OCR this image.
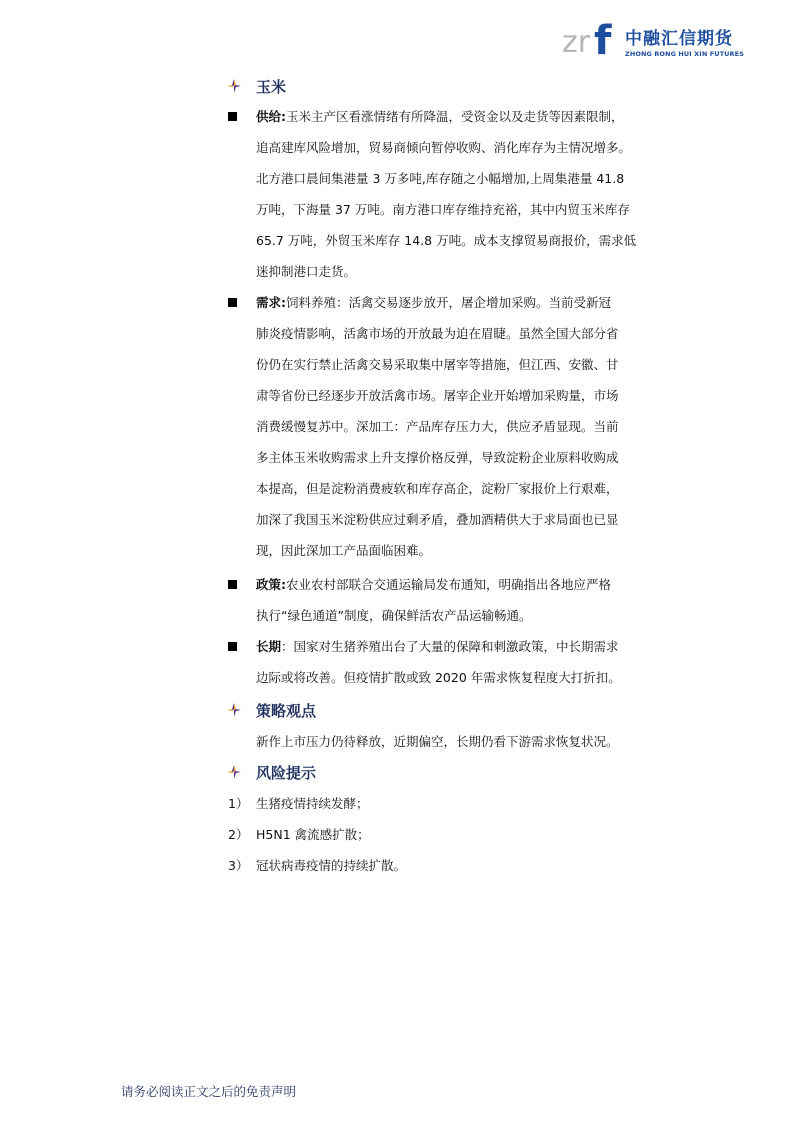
zr f 中融汇信期货
ZHONG RONG HUI XIN FUTURES
玉米
供给:玉米主产区看涨情绪有所降温，受资金以及走货等因素限制，
追高建库风险增加，贸易商倾向暂停收购、消化库存为主情况增多。
北方港口晨间集港量 3 万多吨,库存随之小幅增加,上周集港量 41.8
万吨，下海量 37 万吨。南方港口库存维持充裕，其中内贸玉米库存
65.7 万吨，外贸玉米库存 14.8 万吨。成本支撑贸易商报价，需求低
迷抑制港口走货。
需求:饲料养殖：活禽交易逐步放开，屠企增加采购。当前受新冠
肺炎疫情影响，活禽市场的开放最为迫在眉睫。虽然全国大部分省
份仍在实行禁止活禽交易采取集中屠宰等措施，但江西、安徽、甘
肃等省份已经逐步开放活禽市场。屠宰企业开始增加采购量，市场
消费缓慢复苏中。深加工：产品库存压力大，供应矛盾显现。当前
多主体玉米收购需求上升支撑价格反弹，导致淀粉企业原料收购成
本提高，但是淀粉消费疲软和库存高企，淀粉厂家报价上行艰难，
加深了我国玉米淀粉供应过剩矛盾，叠加酒精供大于求局面也已显
现，因此深加工产品面临困难。
政策:农业农村部联合交通运输局发布通知，明确指出各地应严格
执行“绿色通道”制度，确保鲜活农产品运输畅通。
长期：国家对生猪养殖出台了大量的保障和刺激政策，中长期需求
边际或将改善。但疫情扩散或致 2020 年需求恢复程度大打折扣。
策略观点
新作上市压力仍待释放，近期偏空，长期仍看下游需求恢复状况。
风险提示
1） 生猪疫情持续发酵；
2） H5N1 禽流感扩散；
3） 冠状病毒疫情的持续扩散。
请务必阅读正文之后的免责声明
